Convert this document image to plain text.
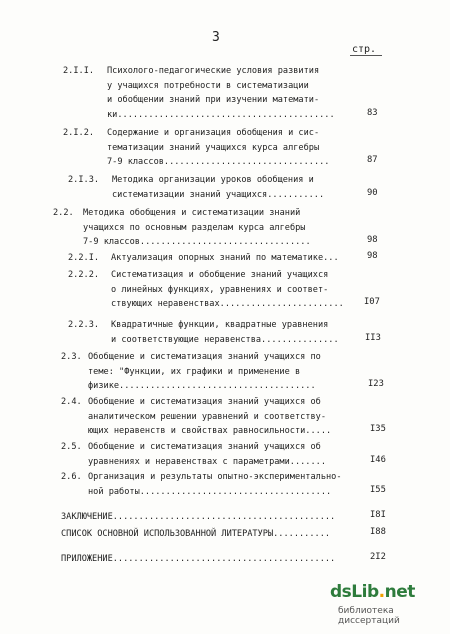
3
стр.
2.I.I. Психолого-педагогические условия развития
у учащихся потребности в систематизации
и обобщении знаний при изучении математи-
ки..........................................	83
2.I.2. Содержание и организация обобщения и сис-
тематизации знаний учащихся курса алгебры
7-9 классов................................	87
2.I.3. Методика организации уроков обобщения и
систематизации знаний учащихся...........	90
2.2. Методика обобщения и систематизации знаний
учащихся по основным разделам курса алгебры
7-9 классов.................................	98
2.2.I. Актуализация опорных знаний по математике...	98
2.2.2. Систематизация и обобщение знаний учащихся
о линейных функциях, уравнениях и соответ-
ствующих неравенствах........................ I07
2.2.3. Квадратичные функции, квадратные уравнения
и соответствующие неравенства...............	II3
2.3. Обобщение и систематизация знаний учащихся по
теме: "Функции, их графики и применение в
физике......................................	I23
2.4. Обобщение и систематизация знаний учащихся об
аналитическом решении уравнений и соответству-
ющих неравенств и свойствах равносильности.....	I35
2.5. Обобщение и систематизация знаний учащихся об
уравнениях и неравенствах с параметрами.......	I46
2.6. Организация и результаты опытно-экспериментально-
ной работы.....................................	I55
ЗАКЛЮЧЕНИЕ...........................................	I8I
СПИСОК ОСНОВНОЙ ИСПОЛЬЗОВАННОЙ ЛИТЕРАТУРЫ...........	I88
ПРИЛОЖЕНИЕ...........................................	2I2
dsLib.net
библиотека диссертаций
